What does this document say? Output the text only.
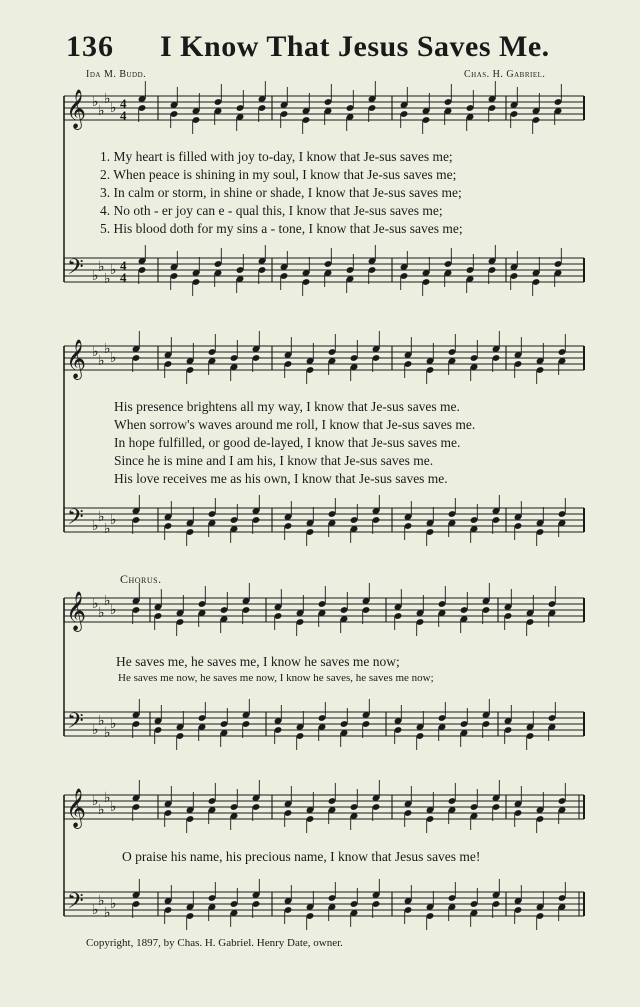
136 I Know That Jesus Saves Me.
Ida M. Budd.	Chas. H. Gabriel.
𝄞 ♭
♭
♭
♭ 4
4
𝄢 ♭
♭
♭
♭ 4
4
𝄞 ♭
♭
♭
♭
𝄢 ♭
♭
♭
♭
𝄞 ♭
♭
♭
♭
𝄢 ♭
♭
♭
♭
𝄞 ♭
♭
♭
♭
𝄢 ♭
♭
♭
♭
1. My heart is filled with joy to-day, I know that Je-sus saves me;
2. When peace is shining in my soul, I know that Je-sus saves me;
3. In calm or storm, in shine or shade, I know that Je-sus saves me;
4. No oth - er joy can e - qual this, I know that Je-sus saves me;
5. His blood doth for my sins a - tone, I know that Je-sus saves me;
His presence brightens all my way, I know that Je-sus saves me.
When sorrow's waves around me roll, I know that Je-sus saves me.
In hope fulfilled, or good de-layed, I know that Je-sus saves me.
Since he is mine and I am his, I know that Je-sus saves me.
His love receives me as his own, I know that Je-sus saves me.
Chorus.
He saves me, he saves me, I know he saves me now;
He saves me now, he saves me now, I know he saves, he saves me now;
O praise his name, his precious name, I know that Jesus saves me!
Copyright, 1897, by Chas. H. Gabriel. Henry Date, owner.
